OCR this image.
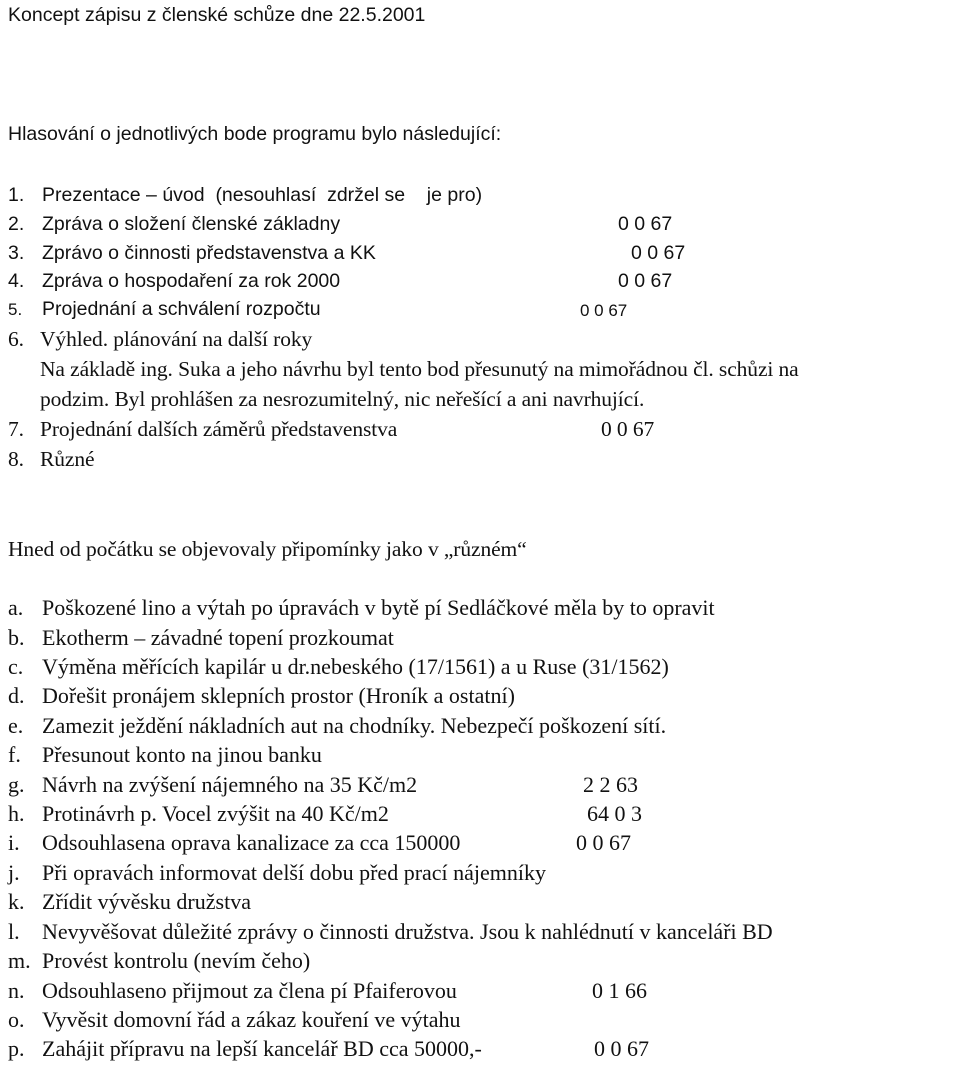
Koncept zápisu z členské schůze dne 22.5.2001
Hlasování o jednotlivých bode programu bylo následující:
1. Prezentace – úvod  (nesouhlasí  zdržel se    je pro)
2. Zpráva o složení členské základny	0 0 67
3. Zprávo o činnosti představenstva a KK	0 0 67
4. Zpráva o hospodaření za rok 2000	0 0 67
5. Projednání a schválení rozpočtu	0 0 67
6. Výhled. plánování na další roky
Na základě ing. Suka a jeho návrhu byl tento bod přesunutý na mimořádnou čl. schůzi na
podzim. Byl prohlášen za nesrozumitelný, nic neřešící a ani navrhující.
7. Projednání dalších záměrů představenstva	0 0 67
8. Různé
Hned od počátku se objevovaly připomínky jako v „různém“
a. Poškozené lino a výtah po úpravách v bytě pí Sedláčkové měla by to opravit
b. Ekotherm – závadné topení prozkoumat
c. Výměna měřících kapilár u dr.nebeského (17/1561) a u Ruse (31/1562)
d. Dořešit pronájem sklepních prostor (Hroník a ostatní)
e. Zamezit ježdění nákladních aut na chodníky. Nebezpečí poškození sítí.
f. Přesunout konto na jinou banku
g. Návrh na zvýšení nájemného na 35 Kč/m2	2 2 63
h. Protinávrh p. Vocel zvýšit na 40 Kč/m2	64 0 3
i. Odsouhlasena oprava kanalizace za cca 150000	0 0 67
j. Při opravách informovat delší dobu před prací nájemníky
k. Zřídit vývěsku družstva
l. Nevyvěšovat důležité zprávy o činnosti družstva. Jsou k nahlédnutí v kanceláři BD
m. Provést kontrolu (nevím čeho)
n. Odsouhlaseno přijmout za člena pí Pfaiferovou	0 1 66
o. Vyvěsit domovní řád a zákaz kouření ve výtahu
p. Zahájit přípravu na lepší kancelář BD cca 50000,-	0 0 67
